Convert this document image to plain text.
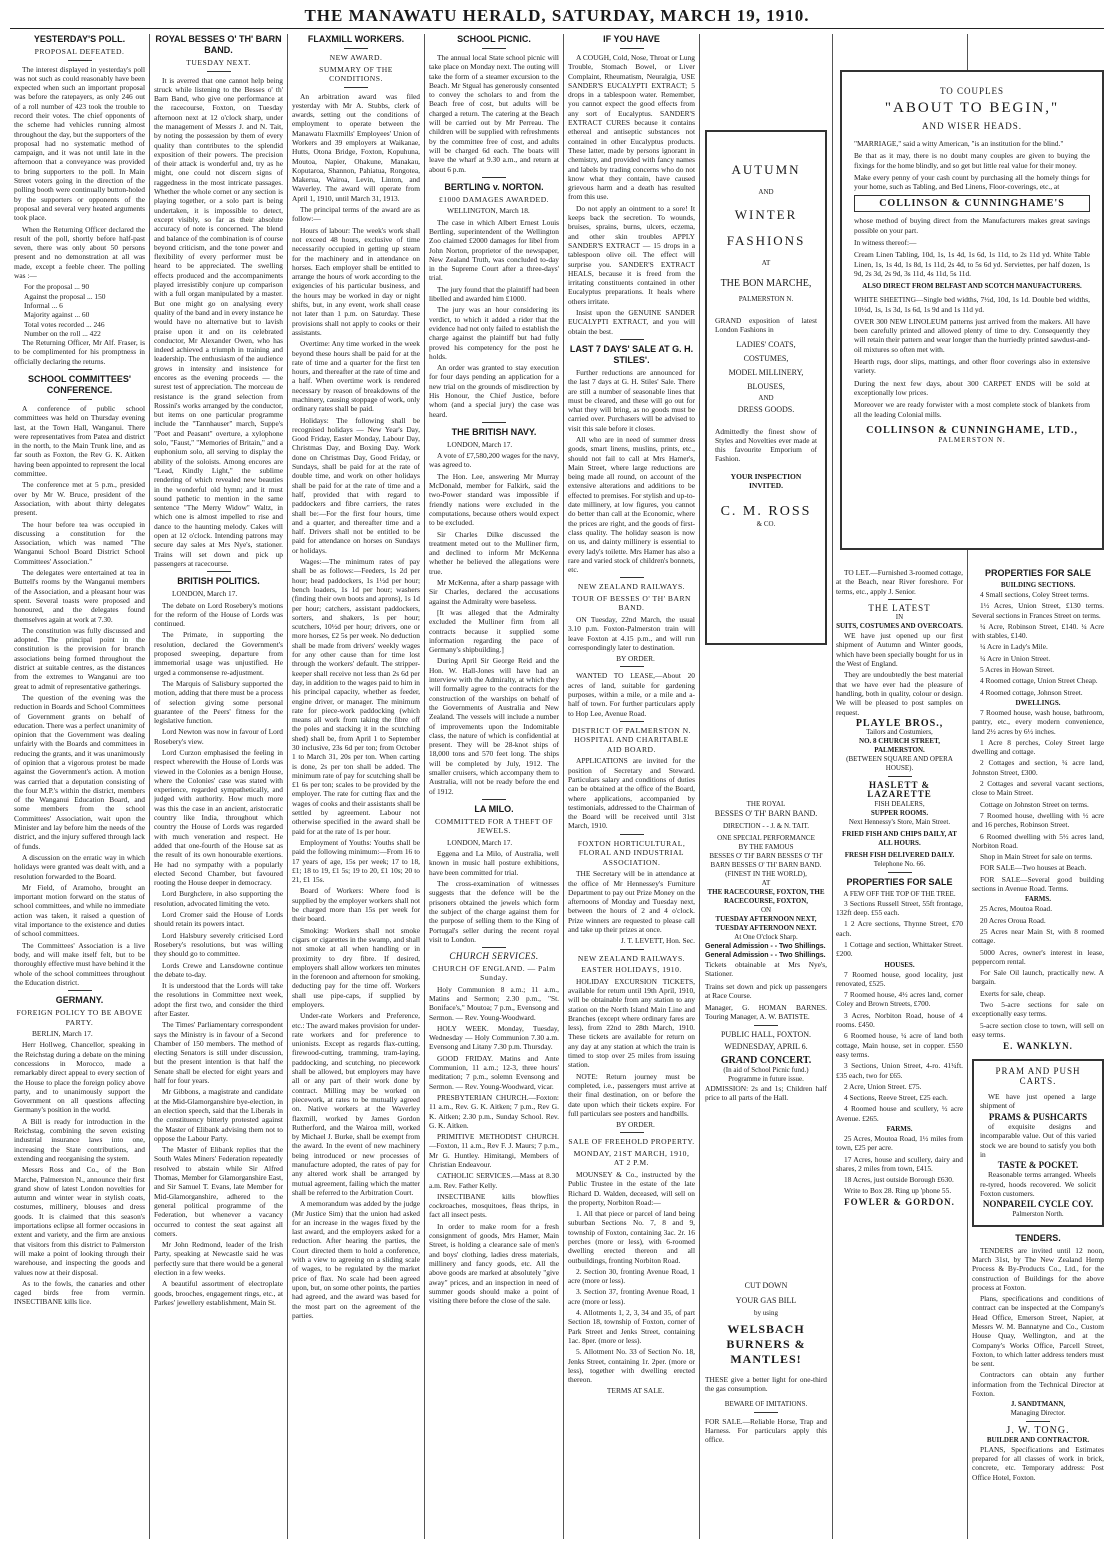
THE MANAWATU HERALD, SATURDAY, MARCH 19, 1910.

YESTERDAY'S POLL.

PROPOSAL DEFEATED.

The interest displayed in yesterday's poll was not such as could reasonably have been expected when such an important proposal was before the ratepayers, as only 246 out of a roll number of 423 took the trouble to record their votes. The chief opponents of the scheme had vehicles running almost throughout the day, but the supporters of the proposal had no systematic method of campaign, and it was not until late in the afternoon that a conveyance was provided to bring supporters to the poll. In Main Street voters going in the direction of the polling booth were continually button-holed by the supporters or opponents of the proposal and several very heated arguments took place.

When the Returning Officer declared the result of the poll, shortly before half-past seven, there was only about 50 persons present and no demonstration at all was made, except a feeble cheer. The polling was :—

For the proposal ... 90
Against the proposal ... 150
Informal ... 6
Majority against ... 60
Total votes recorded ... 246
Number on the roll ... 422

The Returning Officer, Mr Alf. Fraser, is to be complimented for his promptness in officially declaring the returns.

SCHOOL COMMITTEES' CONFERENCE.

A conference of public school committees was held on Thursday evening last, at the Town Hall, Wanganui. There were representatives from Patea and district in the north, to the Main Trunk line, and as far south as Foxton, the Rev G. K. Aitken having been appointed to represent the local committee.

The conference met at 5 p.m., presided over by Mr W. Bruce, president of the Association, with about thirty delegates present.

The hour before tea was occupied in discussing a constitution for the Association, which was named "The Wanganui School Board District School Committees' Association."

The delegates were entertained at tea in Buttell's rooms by the Wanganui members of the Association, and a pleasant hour was spent. Several toasts were proposed and honoured, and the delegates found themselves again at work at 7.30.

The constitution was fully discussed and adopted. The principal point in the constitution is the provision for branch associations being formed throughout the district at suitable centres, as the distances from the extremes to Wanganui are too great to admit of representative gatherings.

The question of the evening was the reduction in Boards and School Committees of Government grants on behalf of education. There was a perfect unanimity of opinion that the Government was dealing unfairly with the Boards and committees in reducing the grants, and it was unanimously of opinion that a vigorous protest be made against the Government's action. A motion was carried that a deputation consisting of the four M.P.'s within the district, members of the Wanganui Education Board, and some members from the school Committees' Association, wait upon the Minister and lay before him the needs of the district, and the injury suffered through lack of funds.

A discussion on the erratic way in which holidays were granted was dealt with, and a resolution forwarded to the Board.

Mr Field, of Aramoho, brought an important motion forward on the status of school committees, and while no immediate action was taken, it raised a question of vital importance to the existence and duties of school committees.

The Committees' Association is a live body, and will make itself felt, but to be thoroughly effective must have behind it the whole of the school committees throughout the Education district.

GERMANY.

FOREIGN POLICY TO BE ABOVE PARTY.

BERLIN, March 17.

Herr Hollweg, Chancellor, speaking in the Reichstag during a debate on the mining concessions in Morocco, made a remarkably direct appeal to every section of the House to place the foreign policy above party, and to unanimously support the Government on all questions affecting Germany's position in the world.

A Bill is ready for introduction in the Reichstag, combining the seven existing industrial insurance laws into one, increasing the State contributions, and extending and reorganising the system.

Messrs Ross and Co., of the Bon Marche, Palmerston N., announce their first grand show of latest London novelties for autumn and winter wear in stylish coats, costumes, millinery, blouses and dress goods. It is claimed that this season's importations eclipse all former occasions in extent and variety, and the firm are anxious that visitors from this district to Palmerston will make a point of looking through their warehouse, and inspecting the goods and values now at their disposal.

As to the fowls, the canaries and other caged birds free from vermin. INSECTIBANE kills lice.

ROYAL BESSES O' TH' BARN BAND.

TUESDAY NEXT.

It is averred that one cannot help being struck while listening to the Besses o' th' Barn Band, who give one performance at the racecourse, Foxton, on Tuesday afternoon next at 12 o'clock sharp, under the management of Messrs J. and N. Tait, by noting the possession by them of every quality than contributes to the splendid exposition of their powers. The precision of their attack is wonderful and, try as he might, one could not discern signs of raggedness in the most intricate passages. Whether the whole cornet or any section is playing together, or a solo part is being undertaken, it is impossible to detect, except visibly, so far as their absolute accuracy of note is concerned. The blend and balance of the combination is of course beyond criticism, and the tone power and flexibility of every performer must be heard to be appreciated. The swelling effects produced and the accompaniments played irresistibly conjure up comparison with a full organ manipulated by a master. But one might go on analysing every quality of the band and in every instance he would have no alternative but to lavish praise upon it and on its celebrated conductor, Mr Alexander Owen, who has indeed achieved a triumph in training and leadership. The enthusiasm of the audience grows in intensity and insistence for encores as the evening proceeds — the surest test of appreciation. The morceau de resistance is the grand selection from Rossini's works arranged by the conductor, but items on one particular programme include the "Tannhauser" march, Suppe's "Poet and Peasant" overture, a xylophone solo, "Faust," "Memories of Britain," and a euphonium solo, all serving to display the ability of the soloists. Among encores are "Lead, Kindly Light," the sublime rendering of which revealed new beauties in the wonderful old hymn; and it must sound pathetic to mention in the same sentence "The Merry Widow" Waltz, in which one is almost impelled to rise and dance to the haunting melody. Cakes will open at 12 o'clock. Intending patrons may secure day sales at Mrs Nye's, stationer. Trains will set down and pick up passengers at racecourse.

BRITISH POLITICS.

LONDON, March 17.

The debate on Lord Rosebery's motions for the reform of the House of Lords was continued.

The Primate, in supporting the resolution, declared the Government's proposed sweeping, departure from immemorial usage was unjustified. He urged a commonsense re-adjustment.

The Marquis of Salisbury supported the motion, adding that there must be a process of selection giving some personal guarantee of the Peers' fitness for the legislative function.

Lord Newton was now in favour of Lord Rosebery's view.

Lord Curzon emphasised the feeling in respect wherewith the House of Lords was viewed in the Colonies as a benign House, where the Colonies' case was stated with experience, regarded sympathetically, and judged with authority. How much more was this the case in an ancient, aristocratic country like India, throughout which country the House of Lords was regarded with much veneration and respect. He added that one-fourth of the House sat as the result of its own honourable exertions. He had no sympathy with a popularly elected Second Chamber, but favoured rooting the House deeper in democracy.

Lord Burghclere, in also supporting the resolution, advocated limiting the veto.

Lord Cromer said the House of Lords should retain its powers intact.

Lord Halsbury severely criticised Lord Rosebery's resolutions, but was willing they should go to committee.

Lords Crewe and Lansdowne continue the debate to-day.

It is understood that the Lords will take the resolutions in Committee next week, adopt the first two, and consider the third after Easter.

The Times' Parliamentary correspondent says the Ministry is in favour of a Second Chamber of 150 members. The method of electing Senators is still under discussion, but the present intention is that half the Senate shall be elected for eight years and half for four years.

Mr Gibbons, a magistrate and candidate at the Mid-Glamorganshire bye-election, in an election speech, said that the Liberals in the constituency bitterly protested against the Master of Elibank advising them not to oppose the Labour Party.

The Master of Elibank replies that the South Wales Miners' Federation repeatedly resolved to abstain while Sir Alfred Thomas, Member for Glamorganshire East, and Sir Samuel T. Evans, late Member for Mid-Glamorganshire, adhered to the general political programme of the Federation, but whenever a vacancy occurred to contest the seat against all comers.

Mr John Redmond, leader of the Irish Party, speaking at Newcastle said he was perfectly sure that there would be a general election in a few weeks.

A beautiful assortment of electroplate goods, brooches, engagement rings, etc., at Parkes' jewellery establishment, Main St.

FLAXMILL WORKERS.

NEW AWARD.

SUMMARY OF THE CONDITIONS.

An arbitration award was filed yesterday with Mr A. Stubbs, clerk of awards, setting out the conditions of employment to operate between the Manawatu Flaxmills' Employees' Union of Workers and 39 employers at Waikanae, Hutts, Otona Bridge, Foxton, Kopuhuna, Moutoa, Napier, Ohakune, Manakau, Koputaroa, Shannon, Pahiatua, Rongotea, Makerua, Wairoa, Levin, Linton, and Waverley. The award will operate from April 1, 1910, until March 31, 1913.

The principal terms of the award are as follow:—

Hours of labour: The week's work shall not exceed 48 hours, exclusive of time necessarily occupied in getting up steam for the machinery and in attendance on horses. Each employer shall be entitled to arrange the hours of work according to the exigencies of his particular business, and the hours may be worked in day or night shifts, but, in any event, work shall cease not later than 1 p.m. on Saturday. These provisions shall not apply to cooks or their assistants.

Overtime: Any time worked in the week beyond these hours shall be paid for at the rate of time and a quarter for the first ten hours, and thereafter at the rate of time and a half. When overtime work is rendered necessary by reason of breakdowns of the machinery, causing stoppage of work, only ordinary rates shall be paid.

Holidays: The following shall be recognised holidays — New Year's Day, Good Friday, Easter Monday, Labour Day, Christmas Day, and Boxing Day. Work done on Christmas Day, Good Friday, or Sundays, shall be paid for at the rate of double time, and work on other holidays shall be paid for at the rate of time and a half, provided that with regard to paddockers and fibre carriers, the rates shall be:—For the first four hours, time and a quarter, and thereafter time and a half. Drivers shall not be entitled to be paid for attendance on horses on Sundays or holidays.

Wages:—The minimum rates of pay shall be as follows:—Feeders, 1s 2d per hour; head paddockers, 1s 1½d per hour; bench loaders, 1s 1d per hour; washers (finding their own boots and aprons), 1s 1d per hour; catchers, assistant paddockers, sorters, and shakers, 1s per hour; scutchers, 10½d per hour; drivers, one or more horses, £2 5s per week. No deduction shall be made from drivers' weekly wages for any other cause than for time lost through the workers' default. The stripper-keeper shall receive not less than 2s 6d per day, in addition to the wages paid to him in his principal capacity, whether as feeder, engine driver, or manager. The minimum rate for piece-work paddocking (which means all work from taking the fibre off the poles and stacking it in the scutching shed) shall be, from April 1 to September 30 inclusive, 23s 6d per ton; from October 1 to March 31, 20s per ton. When carting is done, 2s per ton shall be added. The minimum rate of pay for scutching shall be £1 6s per ton; scales to be provided by the employer. The rate for cutting flax and the wages of cooks and their assistants shall be settled by agreement. Labour not otherwise specified in the award shall be paid for at the rate of 1s per hour.

Employment of Youths: Youths shall be paid the following minimum:—From 16 to 17 years of age, 15s per week; 17 to 18, £1; 18 to 19, £1 5s; 19 to 20, £1 10s; 20 to 21, £1 15s.

Board of Workers: Where food is supplied by the employer workers shall not be charged more than 15s per week for their board.

Smoking: Workers shall not smoke cigars or cigarettes in the swamp, and shall not smoke at all when handling or in proximity to dry fibre. If desired, employers shall allow workers ten minutes in the forenoon and afternoon for smoking, deducting pay for the time off. Workers shall use pipe-caps, if supplied by employers.

Under-rate Workers and Preference, etc.: The award makes provision for under-rate workers and for preference to unionists. Except as regards flax-cutting, firewood-cutting, tramming, tram-laying, paddocking, and scutching, no piecework shall be allowed, but employers may have all or any part of their work done by contract. Milling may be worked on piecework, at rates to be mutually agreed on. Native workers at the Waverley flaxmill, worked by James Gordon Rutherford, and the Wairoa mill, worked by Michael J. Burke, shall be exempt from the award. In the event of new machinery being introduced or new processes of manufacture adopted, the rates of pay for any altered work shall be arranged by mutual agreement, failing which the matter shall be referred to the Arbitration Court.

A memorandum was added by the judge (Mr Justice Sim) that the union had asked for an increase in the wages fixed by the last award, and the employers asked for a reduction. After hearing the parties, the Court directed them to hold a conference, with a view to agreeing on a sliding scale of wages, to be regulated by the market price of flax. No scale had been agreed upon, but, on some other points, the parties had agreed, and the award was based for the most part on the agreement of the parties.

SCHOOL PICNIC.

The annual local State school picnic will take place on Monday next. The outing will take the form of a steamer excursion to the Beach. Mr Stgual has generously consented to convey the scholars to and from the Beach free of cost, but adults will be charged a return. The catering at the Beach will be carried out by Mr Perreau. The children will be supplied with refreshments by the committee free of cost, and adults will be charged 6d each. The boats will leave the wharf at 9.30 a.m., and return at about 6 p.m.

BERTLING v. NORTON.

£1000 DAMAGES AWARDED.

WELLINGTON, March 18.

The case in which Albert Ernest Louis Bertling, superintendent of the Wellington Zoo claimed £2000 damages for libel from John Norton, proprietor of the newspaper, New Zealand Truth, was concluded to-day in the Supreme Court after a three-days' trial.

The jury found that the plaintiff had been libelled and awarded him £1000.

The jury was an hour considering its verdict, to which it added a rider that the evidence had not only failed to establish the charge against the plaintiff but had fully proved his competency for the post he holds.

An order was granted to stay execution for four days pending an application for a new trial on the grounds of misdirection by His Honour, the Chief Justice, before whom (and a special jury) the case was heard.

THE BRITISH NAVY.

LONDON, March 17.

A vote of £7,580,200 wages for the navy, was agreed to.

The Hon. Lee, answering Mr Murray McDonald, member for Falkirk, said the two-Power standard was impossible if friendly nations were excluded in the computations, because others would expect to be excluded.

Sir Charles Dilke discussed the treatment meted out to the Mulliner firm, and declined to inform Mr McKenna whether he believed the allegations were true.

Mr McKenna, after a sharp passage with Sir Charles, declared the accusations against the Admiralty were baseless.

[It was alleged that the Admiralty excluded the Mulliner firm from all contracts because it supplied some information regarding the pace of Germany's shipbuilding.]

During April Sir George Reid and the Hon. W. Hall-Jones will have had an interview with the Admiralty, at which they will formally agree to the contracts for the construction of the warships on behalf of the Governments of Australia and New Zealand. The vessels will include a number of improvements upon the Indomitable class, the nature of which is confidential at present. They will be 28-knot ships of 18,000 tons and 570 feet long. The ships will be completed by July, 1912. The smaller cruisers, which accompany them to Australia, will not be ready before the end of 1912.

LA MILO.

COMMITTED FOR A THEFT OF JEWELS.

LONDON, March 17.

Eggena and La Milo, of Australia, well known in music hall posture exhibitions, have been committed for trial.

The cross-examination of witnesses suggests that the defence will be the prisoners obtained the jewels which form the subject of the charge against them for the purpose of selling them to the King of Portugal's seller during the recent royal visit to London.

CHURCH SERVICES.

CHURCH OF ENGLAND. — Palm Sunday.

Holy Communion 8 a.m.; 11 a.m., Matins and Sermon; 2.30 p.m., "St. Boniface's," Moutoa; 7 p.m., Evensong and Sermon. — Rev. Young-Woodward.

HOLY WEEK. Monday, Tuesday, Wednesday — Holy Communion 7.30 a.m. Evensong and Litany 7.30 p.m. Thursday.

GOOD FRIDAY. Matins and Ante Communion, 11 a.m.; 12-3, three hours' meditation; 7 p.m., solemn Evensong and Sermon. — Rev. Young-Woodward, vicar.

PRESBYTERIAN CHURCH.—Foxton: 11 a.m., Rev. G. K. Aitken; 7 p.m., Rev G. K. Aitken; 2.30 p.m., Sunday School. Rev. G. K. Aitken.

PRIMITIVE METHODIST CHURCH.—Foxton, 11 a.m., Rev F. J. Maurs; 7 p.m., Mr G. Huntley. Himitangi, Members of Christian Endeavour.

CATHOLIC SERVICES.—Mass at 8.30 a.m. Rev. Father Kelly.

INSECTIBANE kills blowflies cockroaches, mosquitoes, fleas thrips, in fact all insect pests.

In order to make room for a fresh consignment of goods, Mrs Hamer, Main Street, is holding a clearance sale of men's and boys' clothing, ladies dress materials, millinery and fancy goods, etc. All the above goods are marked at absolutely "give away" prices, and an inspection in need of summer goods should make a point of visiting there before the close of the sale.

IF YOU HAVE

A COUGH, Cold, Nose, Throat or Lung Trouble, Stomach Bowel, or Liver Complaint, Rheumatism, Neuralgia, USE SANDER'S EUCALYPTI EXTRACT; 5 drops in a tablespoon water. Remember, you cannot expect the good effects from any sort of Eucalyptus. SANDER'S EXTRACT CURES because it contains ethereal and antiseptic substances not contained in other Eucalyptus products. These latter, made by persons ignorant in chemistry, and provided with fancy names and labels by trading concerns who do not know what they contain, have caused grievous harm and a death has resulted from this use.

Do not apply an ointment to a sore! It keeps back the secretion. To wounds, bruises, sprains, burns, ulcers, eczema, and other skin troubles APPLY SANDER'S EXTRACT — 15 drops in a tablespoon olive oil. The effect will surprise you. SANDER'S EXTRACT HEALS, because it is freed from the irritating constituents contained in other Eucalyptus preparations. It heals where others irritate.

Insist upon the GENUINE SANDER EUCALYPTI EXTRACT, and you will obtain the best.

LAST 7 DAYS' SALE AT G. H. STILES'.

Further reductions are announced for the last 7 days at G. H. Stiles' Sale. There are still a number of seasonable lines that must be cleared, and these will go out for what they will bring, as no goods must be carried over. Purchasers will be advised to visit this sale before it closes.

All who are in need of summer dress goods, smart linens, muslins, prints, etc., should not fail to call at Mrs Hamer's, Main Street, where large reductions are being made all round, on account of the extensive alterations and additions to be effected to premises. For stylish and up-to-date millinery, at low figures, you cannot do better than call at the Economic, where the prices are right, and the goods of first-class quality. The holiday season is now on us, and dainty millinery is essential to every lady's toilette. Mrs Hamer has also a rare and varied stock of children's bonnets, etc.

NEW ZEALAND RAILWAYS.

TOUR OF BESSES O' TH' BARN BAND.

ON Tuesday, 22nd March, the usual 3.10 p.m. Foxton-Palmerston train will leave Foxton at 4.15 p.m., and will run correspondingly later to destination.

BY ORDER.

WANTED TO LEASE,—About 20 acres of land, suitable for gardening purposes, within a mile, or a mile and a-half of town. For further particulars apply to Hop Lee, Avenue Road.

DISTRICT OF PALMERSTON N. HOSPITAL AND CHARITABLE AID BOARD.

APPLICATIONS are invited for the position of Secretary and Steward. Particulars salary and conditions of duties can be obtained at the office of the Board, where applications, accompanied by testimonials, addressed to the Chairman of the Board will be received until 31st March, 1910.

FOXTON HORTICULTURAL, FLORAL AND INDUSTRIAL ASSOCIATION.

THE Secretary will be in attendance at the office of Mr Hennessey's Furniture Department to pay out Prize Money on the afternoons of Monday and Tuesday next, between the hours of 2 and 4 o'clock. Prize winners are requested to please call and take up their prizes at once.

J. T. LEVETT, Hon. Sec.

NEW ZEALAND RAILWAYS.

EASTER HOLIDAYS, 1910.

HOLIDAY EXCURSION TICKETS, available for return until 19th April, 1910, will be obtainable from any station to any station on the North Island Main Line and Branches (except where ordinary fares are less), from 22nd to 28th March, 1910. These tickets are available for return on any day at any station at which the train is timed to stop over 25 miles from issuing station.

NOTE: Return journey must be completed, i.e., passengers must arrive at their final destination, on or before the date upon which their tickets expire. For full particulars see posters and handbills.

BY ORDER.

SALE OF FREEHOLD PROPERTY.

MONDAY, 21ST MARCH, 1910, AT 2 P.M.

MOUNSEY & Co., instructed by the Public Trustee in the estate of the late Richard D. Walden, deceased, will sell on the property, Norbiton Road:—

1. All that piece or parcel of land being suburban Sections No. 7, 8 and 9, township of Foxton, containing 3ac. 2r. 16 perches (more or less), with 6-roomed dwelling erected thereon and all outbuildings, fronting Norbiton Road.

2. Section 30, fronting Avenue Road, 1 acre (more or less).

3. Section 37, fronting Avenue Road, 1 acre (more or less).

4. Allotments 1, 2, 3, 34 and 35, of part Section 18, township of Foxton, corner of Park Street and Jenks Street, containing 1ac. 8per. (more or less).

5. Allotment No. 33 of Section No. 18, Jenks Street, containing 1r. 2per. (more or less), together with dwelling erected thereon.

TERMS AT SALE.

AUTUMN
AND
WINTER
FASHIONS
AT
THE BON MARCHE,
PALMERSTON N.

GRAND exposition of latest London Fashions in

LADIES' COATS,
COSTUMES,
MODEL MILLINERY,
BLOUSES,
AND
DRESS GOODS.

Admittedly the finest show of Styles and Novelties ever made at this favourite Emporium of Fashion.

YOUR INSPECTION INVITED.
C. M. ROSS
& CO.
THE ROYAL
BESSES O' TH' BARN BAND.
DIRECTION - - J. & N. TAIT.
ONE SPECIAL PERFORMANCE
BY THE FAMOUS
BESSES O' TH' BARN BESSES O' TH' BARN BESSES O' TH' BARN BAND.
(FINEST IN THE WORLD),
AT
THE RACECOURSE, FOXTON, THE RACECOURSE, FOXTON,
ON
TUESDAY AFTERNOON NEXT, TUESDAY AFTERNOON NEXT.
At One O'clock Sharp.
General Admission - - Two Shillings.
General Admission - - Two Shillings.

Tickets obtainable at Mrs Nye's, Stationer.

Trains set down and pick up passengers at Race Course.

Manager, G. HOMAN BARNES. Touring Manager, A. W. BATISTE.

PUBLIC HALL, FOXTON.
WEDNESDAY, APRIL 6.
GRAND CONCERT.
(In aid of School Picnic fund.)
Programme in future issue.

ADMISSION: 2s and 1s; Children half price to all parts of the Hall.

CUT DOWN
YOUR GAS BILL
by using
WELSBACH
BURNERS &
MANTLES!

THESE give a better light for one-third the gas consumption.

BEWARE OF IMITATIONS.

FOR SALE.—Reliable Horse, Trap and Harness. For particulars apply this office.

TO COUPLES
"ABOUT TO BEGIN,"
AND WISER HEADS.

"MARRIAGE," said a witty American, "is an institution for the blind."

Be that as it may, there is no doubt many couples are given to buying the fixings for the home blindly, and so get but little real value for their money.

Make every penny of your cash count by purchasing all the homely things for your home, such as Tabling, and Bed Linens, Floor-coverings, etc., at

COLLINSON & CUNNINGHAME'S

whose method of buying direct from the Manufacturers makes great savings possible on your part.

In witness thereof:—

Cream Linen Tabling, 10d, 1s, 1s 4d, 1s 6d, 1s 11d, to 2s 11d yd. White Table Linen, 1s, 1s 4d, 1s 8d, 1s 11d, 2s 4d, to 5s 6d yd. Serviettes, per half dozen, 1s 9d, 2s 3d, 2s 9d, 3s 11d, 4s 11d, 5s 11d.

ALSO DIRECT FROM BELFAST AND SCOTCH MANUFACTURERS.

WHITE SHEETING—Single bed widths, 7½d, 10d, 1s 1d. Double bed widths, 10½d, 1s, 1s 3d, 1s 6d, 1s 9d and 1s 11d yd.

OVER 300 NEW LINOLEUM patterns just arrived from the makers. All have been carefully printed and allowed plenty of time to dry. Consequently they will retain their pattern and wear longer than the hurriedly printed sawdust-and-oil mixtures so often met with.

Hearth rugs, door slips, mattings, and other floor coverings also in extensive variety.

During the next few days, about 300 CARPET ENDS will be sold at exceptionally low prices.

Moreover we are ready forwister with a most complete stock of blankets from all the leading Colonial mills.

COLLINSON & CUNNINGHAME, LTD.,
PALMERSTON N.

TO LET.—Furnished 3-roomed cottage, at the Beach, near River foreshore. For terms, etc., apply J. Senior.

THE LATEST
IN
SUITS, COSTUMES AND OVERCOATS.

WE have just opened up our first shipment of Autumn and Winter goods, which have been specially bought for us in the West of England.

They are undoubtedly the best material that we have ever had the pleasure of handling, both in quality, colour or design. We will be pleased to post samples on request.

PLAYLE BROS.,
Tailors and Costumiers,
NO. 8 CHURCH STREET, PALMERSTON.
(BETWEEN SQUARE AND OPERA HOUSE).
HASLETT & LAZARETTE
FISH DEALERS,
SUPPER ROOMS.
Next Hennessy's Store, Main Street.
FRIED FISH AND CHIPS DAILY, AT ALL HOURS.
FRESH FISH DELIVERED DAILY.
Telephone No. 66.

PROPERTIES FOR SALE

A FEW OFF THE TOP OF THE TREE.

3 Sections Russell Street, 55ft frontage, 132ft deep. £55 each.

1 2 Acre sections, Thynne Street, £70 each.

1 Cottage and section, Whittaker Street. £200.

HOUSES.

7 Roomed house, good locality, just renovated, £525.

7 Roomed house, 4½ acres land, corner Coley and Brown Streets, £700.

3 Acres, Norbiton Road, house of 4 rooms. £450.

6 Roomed house, ¼ acre of land both cottage, Main house, set in copper. £550 easy terms.

3 Sections, Union Street, 4-ro. 41¼ft. £35 each, two for £65.

2 Acre, Union Street. £75.

4 Sections, Reeve Street, £25 each.

4 Roomed house and scullery, ½ acre Avenue. £265.

FARMS.

25 Acres, Moutoa Road, 1½ miles from town, £25 per acre.

17 Acres, house and scullery, dairy and shares, 2 miles from town, £415.

18 Acres, just outside Borough £630.

Write to Box 28. Ring up 'phone 55.

FOWLER & GORDON.

PROPERTIES FOR SALE

BUILDING SECTIONS.

4 Small sections, Coley Street terms.

1½ Acres, Union Street, £130 terms. Several sections in Frances Street on terms.

¼ Acre, Robinson Street, £140. ¼ Acre with stables, £140.

¼ Acre in Lady's Mile.

¼ Acre in Union Street.

5 Acres in Howan Street.

4 Roomed cottage, Union Street Cheap.

4 Roomed cottage, Johnson Street.

DWELLINGS.

7 Roomed house, wash house, bathroom, pantry, etc., every modern convenience, land 2½ acres by 6½ inches.

1 Acre 8 perches, Coley Street large dwelling and cottage.

2 Cottages and section, ¼ acre land, Johnston Street, £300.

2 Cottages and several vacant sections, close to Main Street.

Cottage on Johnston Street on terms.

7 Roomed house, dwelling with ½ acre and 16 perches, Robinson Street.

6 Roomed dwelling with 5½ acres land, Norbiton Road.

Shop in Main Street for sale on terms.

FOR SALE—Two houses at Beach.

FOR SALE—Several good building sections in Avenue Road. Terms.

FARMS.

25 Acres, Moutoa Road.

20 Acres Oroua Road.

25 Acres near Main St, with 8 roomed cottage.

5000 Acres, owner's interest in lease, peppercorn rental.

For Sale Oil launch, practically new. A bargain.

Exerts for sale, cheap.

Two 5-acre sections for sale on exceptionally easy terms.

5-acre section close to town, will sell on easy terms.

E. WANKLYN.
PRAM AND PUSH CARTS.

WE have just opened a large shipment of

PRAMS & PUSHCARTS

of exquisite designs and incomparable value. Out of this varied stock we are bound to satisfy you both in

TASTE & POCKET.

Reasonable terms arranged. Wheels re-tyred, hoods recovered. We solicit Foxton customers.

NONPAREIL CYCLE COY.
Palmerston North.

TENDERS.

TENDERS are invited until 12 noon, March 31st, by The New Zealand Hemp Process & By-Products Co., Ltd., for the construction of Buildings for the above process at Foxton.

Plans, specifications and conditions of contract can be inspected at the Company's Head Office, Emerson Street, Napier, at Messrs W. M. Bannatyne and Co., Custom House Quay, Wellington, and at the Company's Works Office, Parcell Street, Foxton, to which latter address tenders must be sent.

Contractors can obtain any further information from the Technical Director at Foxton.

J. SANDTMANN,
Managing Director.
J. W. TONG.
BUILDER AND CONTRACTOR.

PLANS, Specifications and Estimates prepared for all classes of work in brick, concrete, etc. Temporary address: Post Office Hotel, Foxton.
